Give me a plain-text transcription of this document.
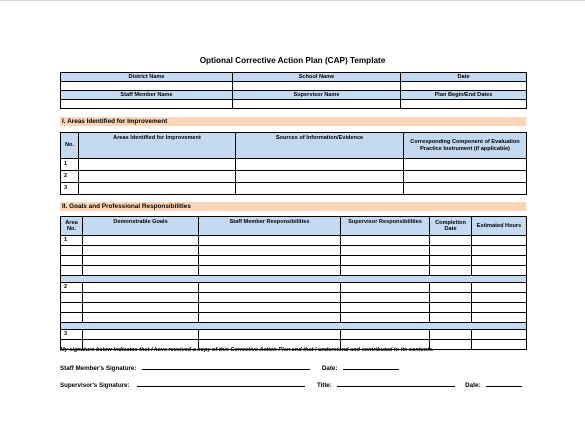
Optional Corrective Action Plan (CAP) Template
District Name	School Name	Date

Staff Member Name	Supervisor Name	Plan Begin/End Dates

I. Areas Identified for Improvement
No.	Areas Identified for Improvement	Sources of Information/Evidence	Corresponding Component of Evaluation Practice Instrument (if applicable)
1			
2			
3			
II. Goals and Professional Responsibilities
Area No.	Demonstrable Goals	Staff Member Responsibilities	Supervisor Responsibilities	Completion Date	Estimated Hours
1					

2					

3					

My signature below indicates that I have received a copy of this Corrective Action Plan and that I understand and contributed to its contents.
Staff Member's Signature:	Date:
Supervisor's Signature:	Title:	Date:
